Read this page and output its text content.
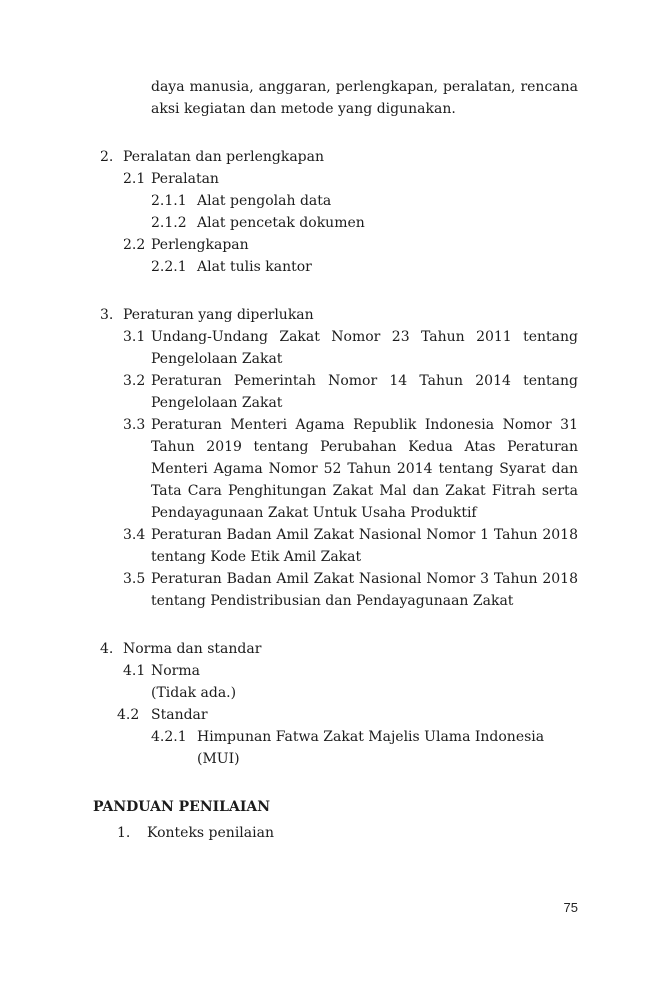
daya manusia, anggaran, perlengkapan, peralatan, rencana aksi kegiatan dan metode yang digunakan.

2. Peralatan dan perlengkapan
2.1 Peralatan
2.1.1 Alat pengolah data
2.1.2 Alat pencetak dokumen
2.2 Perlengkapan
2.2.1 Alat tulis kantor
3. Peraturan yang diperlukan
3.1 Undang-Undang Zakat Nomor 23 Tahun 2011 tentang Pengelolaan Zakat
3.2 Peraturan Pemerintah Nomor 14 Tahun 2014 tentang Pengelolaan Zakat
3.3 Peraturan Menteri Agama Republik Indonesia Nomor 31 Tahun 2019 tentang Perubahan Kedua Atas Peraturan Menteri Agama Nomor 52 Tahun 2014 tentang Syarat dan Tata Cara Penghitungan Zakat Mal dan Zakat Fitrah serta Pendayagunaan Zakat Untuk Usaha Produktif
3.4 Peraturan Badan Amil Zakat Nasional Nomor 1 Tahun 2018 tentang Kode Etik Amil Zakat
3.5 Peraturan Badan Amil Zakat Nasional Nomor 3 Tahun 2018 tentang Pendistribusian dan Pendayagunaan Zakat
4. Norma dan standar
4.1 Norma
(Tidak ada.)
4.2 Standar
4.2.1 Himpunan Fatwa Zakat Majelis Ulama Indonesia (MUI)
PANDUAN PENILAIAN
1.	Konteks penilaian
75
